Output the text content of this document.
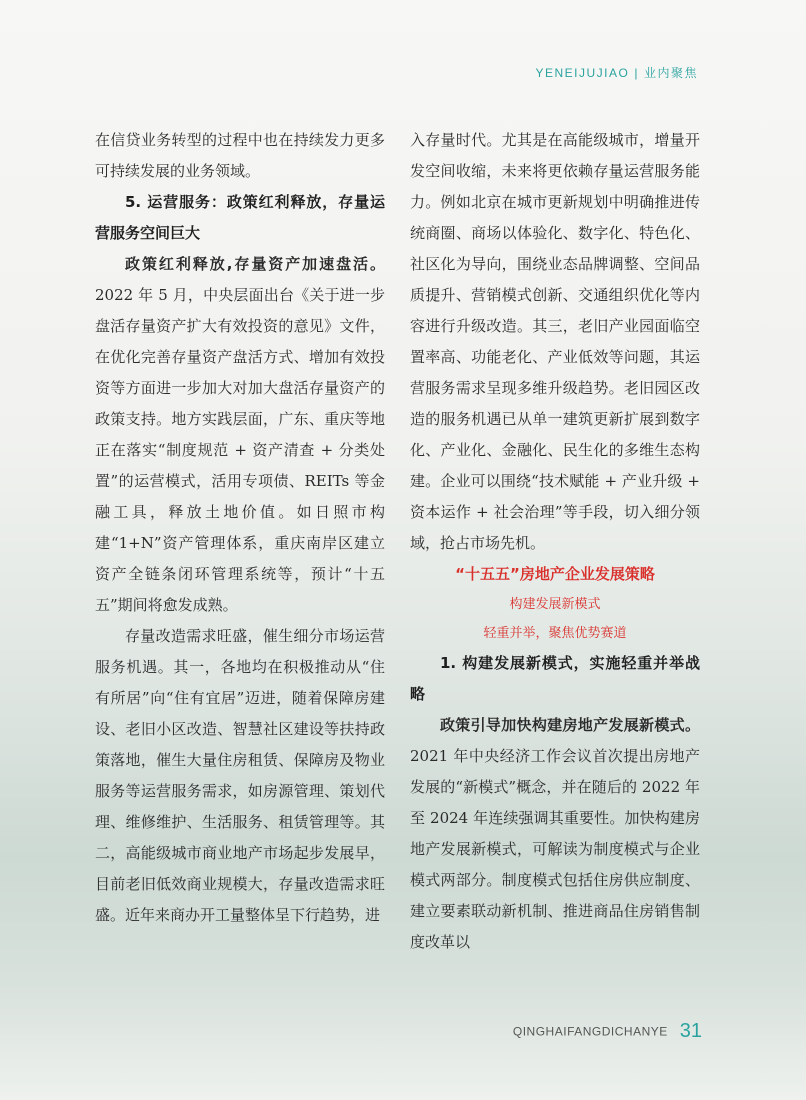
YENEIJUJIAO | 业内聚焦

在信贷业务转型的过程中也在持续发力更多可持续发展的业务领域。

5. 运营服务：政策红利释放，存量运营服务空间巨大

政策红利释放,存量资产加速盘活。2022 年 5 月，中央层面出台《关于进一步盘活存量资产扩大有效投资的意见》文件，在优化完善存量资产盘活方式、增加有效投资等方面进一步加大对加大盘活存量资产的政策支持。地方实践层面，广东、重庆等地正在落实“制度规范 + 资产清查 + 分类处置”的运营模式，活用专项债、REITs 等金融工具，释放土地价值。如日照市构建“1+N”资产管理体系，重庆南岸区建立资产全链条闭环管理系统等，预计“十五五”期间将愈发成熟。

存量改造需求旺盛，催生细分市场运营服务机遇。其一，各地均在积极推动从“住有所居”向“住有宜居”迈进，随着保障房建设、老旧小区改造、智慧社区建设等扶持政策落地，催生大量住房租赁、保障房及物业服务等运营服务需求，如房源管理、策划代理、维修维护、生活服务、租赁管理等。其二，高能级城市商业地产市场起步发展早，目前老旧低效商业规模大，存量改造需求旺盛。近年来商办开工量整体呈下行趋势，进

入存量时代。尤其是在高能级城市，增量开发空间收缩，未来将更依赖存量运营服务能力。例如北京在城市更新规划中明确推进传统商圈、商场以体验化、数字化、特色化、社区化为导向，围绕业态品牌调整、空间品质提升、营销模式创新、交通组织优化等内容进行升级改造。其三，老旧产业园面临空置率高、功能老化、产业低效等问题，其运营服务需求呈现多维升级趋势。老旧园区改造的服务机遇已从单一建筑更新扩展到数字化、产业化、金融化、民生化的多维生态构建。企业可以围绕“技术赋能 + 产业升级 + 资本运作 + 社会治理”等手段，切入细分领域，抢占市场先机。

“十五五”房地产企业发展策略

构建发展新模式

轻重并举，聚焦优势赛道

1. 构建发展新模式，实施轻重并举战略

政策引导加快构建房地产发展新模式。2021 年中央经济工作会议首次提出房地产发展的“新模式”概念，并在随后的 2022 年至 2024 年连续强调其重要性。加快构建房地产发展新模式，可解读为制度模式与企业模式两部分。制度模式包括住房供应制度、建立要素联动新机制、推进商品住房销售制度改革以

QINGHAIFANGDICHANYE 31
